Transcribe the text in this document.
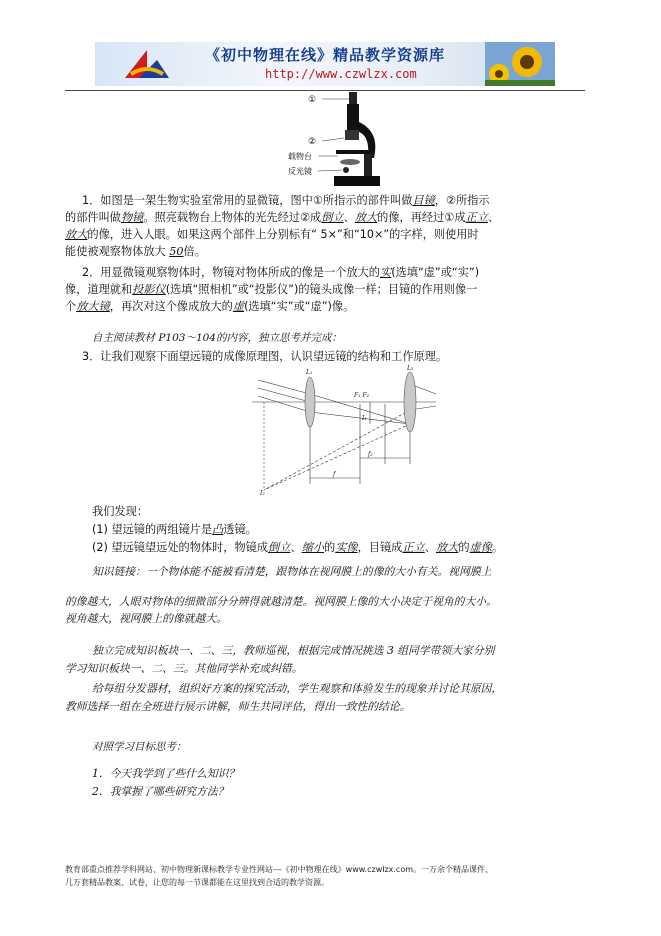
《初中物理在线》精品教学资源库
http://www.czwlzx.com
①
②
载物台
反光镜
1．如图是一架生物实验室常用的显微镜，图中①所指示的部件叫做目镜，②所指示
的部件叫做物镜。照亮载物台上物体的光先经过②成倒立、放大的像，再经过①成正立、
放大的像，进入人眼。如果这两个部件上分别标有“ 5×”和“10×”的字样，则使用时
能使被观察物体放大 50倍。
2．用显微镜观察物体时，物镜对物体所成的像是一个放大的实(选填“虚”或“实”)
像，道理就和投影仪(选填“照相机”或“投影仪”)的镜头成像一样；目镜的作用则像一
个放大镜，再次对这个像成放大的虚(选填“实”或“虚”)像。
自主阅读教材 P103～104的内容，独立思考并完成：
3．让我们观察下面望远镜的成像原理图，认识望远镜的结构和工作原理。
L₁
L₂
F₁ F₂
f
f₂
I₁
I₂
我们发现：
(1) 望远镜的两组镜片是凸透镜。
(2) 望远镜望远处的物体时，物镜成倒立、缩小的实像，目镜成正立、放大的虚像。
知识链接：一个物体能不能被看清楚，跟物体在视网膜上的像的大小有关。视网膜上
的像越大，人眼对物体的细微部分分辨得就越清楚。视网膜上像的大小决定于视角的大小。
视角越大，视网膜上的像就越大。
独立完成知识板块一、二、三，教师巡视，根据完成情况挑选 3 组同学带领大家分别
学习知识板块一、二、三。其他同学补充或纠错。
给每组分发器材，组织好方案的探究活动，学生观察和体验发生的现象并讨论其原因，
教师选择一组在全班进行展示讲解，师生共同评估，得出一致性的结论。
对照学习目标思考：
1．今天我学到了些什么知识？
2．我掌握了哪些研究方法？
教育部重点推荐学科网站、初中物理新课标教学专业性网站---《初中物理在线》www.czwlzx.com。一万余个精品课件、
几万套精品教案、试卷，让您的每一节课都能在这里找到合适的教学资源。
